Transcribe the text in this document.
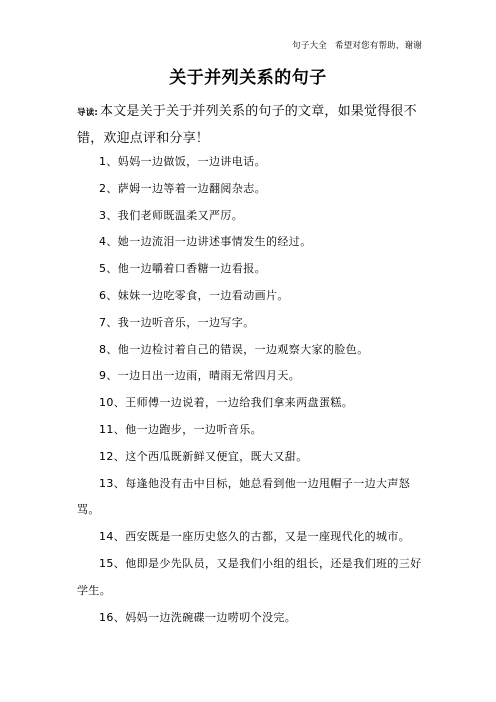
句子大全 希望对您有帮助，谢谢
关于并列关系的句子
导读: 本文是关于关于并列关系的句子的文章，如果觉得很不错，欢迎点评和分享！
1、妈妈一边做饭，一边讲电话。
2、萨姆一边等着一边翻阅杂志。
3、我们老师既温柔又严厉。
4、她一边流泪一边讲述事情发生的经过。
5、他一边嚼着口香糖一边看报。
6、妹妹一边吃零食，一边看动画片。
7、我一边听音乐，一边写字。
8、他一边检讨着自己的错误，一边观察大家的脸色。
9、一边日出一边雨，晴雨无常四月天。
10、王师傅一边说着，一边给我们拿来两盘蛋糕。
11、他一边跑步，一边听音乐。
12、这个西瓜既新鲜又便宜，既大又甜。
13、每逢他没有击中目标，她总看到他一边甩帽子一边大声怒骂。
14、西安既是一座历史悠久的古都，又是一座现代化的城市。
15、他即是少先队员，又是我们小组的组长，还是我们班的三好学生。
16、妈妈一边洗碗碟一边唠叨个没完。
